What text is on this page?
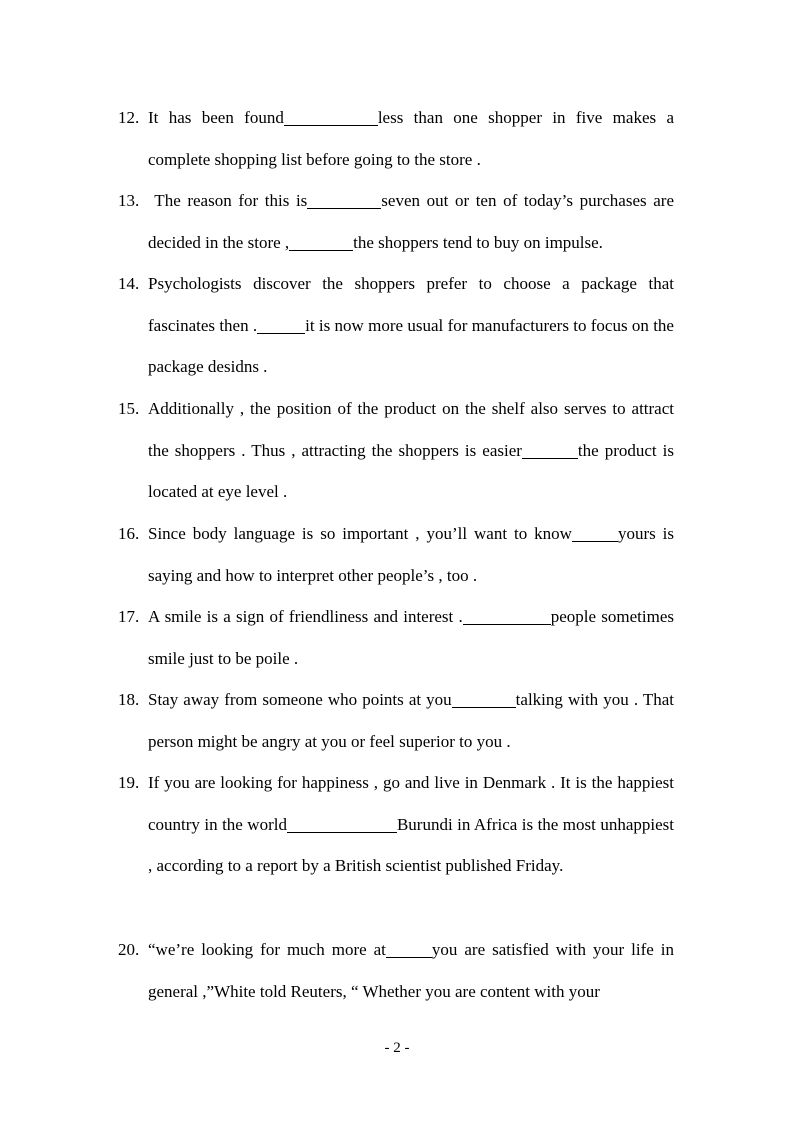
12. It has been found	less than one shopper in five makes a complete shopping list before going to the store .
13. The reason for this is	seven out or ten of today’s purchases are decided in the store ,	the shoppers tend to buy on impulse.
14. Psychologists discover the shoppers prefer to choose a package that fascinates then .	it is now more usual for manufacturers to focus on the package desidns .
15. Additionally , the position of the product on the shelf also serves to attract the shoppers . Thus , attracting the shoppers is easier	the product is located at eye level .
16. Since body language is so important , you’ll want to know	yours is saying and how to interpret other people’s , too .
17. A smile is a sign of friendliness and interest .	people sometimes smile just to be poile .
18. Stay away from someone who points at you	talking with you . That person might be angry at you or feel superior to you .
19. If you are looking for happiness , go and live in Denmark . It is the happiest country in the world	Burundi in Africa is the most unhappiest , according to a report by a British scientist published Friday.
20. “we’re looking for much more at	you are satisfied with your life in general ,”White told Reuters, “ Whether you are content with your
- 2 -
